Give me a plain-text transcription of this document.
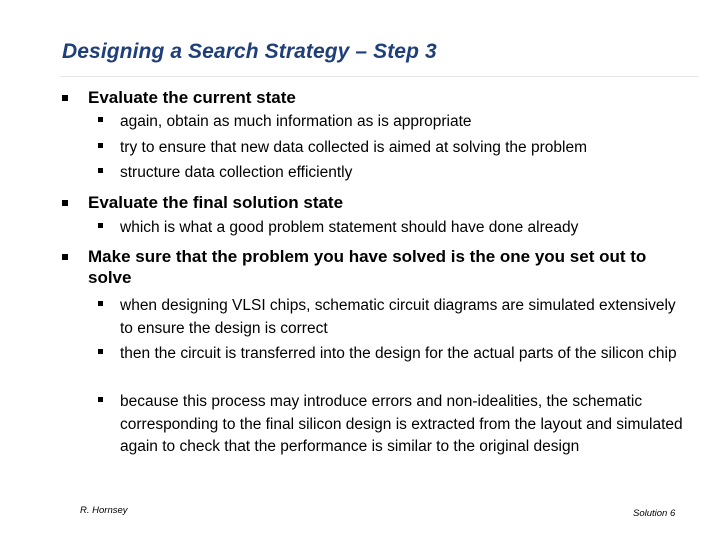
Designing a Search Strategy – Step 3
Evaluate the current state
again, obtain as much information as is appropriate
try to ensure that new data collected is aimed at solving the problem
structure data collection efficiently
Evaluate the final solution state
which is what a good problem statement should have done already
Make sure that the problem you have solved is the one you set out to solve
when designing VLSI chips, schematic circuit diagrams are simulated extensively to ensure the design is correct
then the circuit is transferred into the design for the actual parts of the silicon chip
because this process may introduce errors and non-idealities, the schematic corresponding to the final silicon design is extracted from the layout and simulated again to check that the performance is similar to the original design
R. Hornsey	Solution 6
